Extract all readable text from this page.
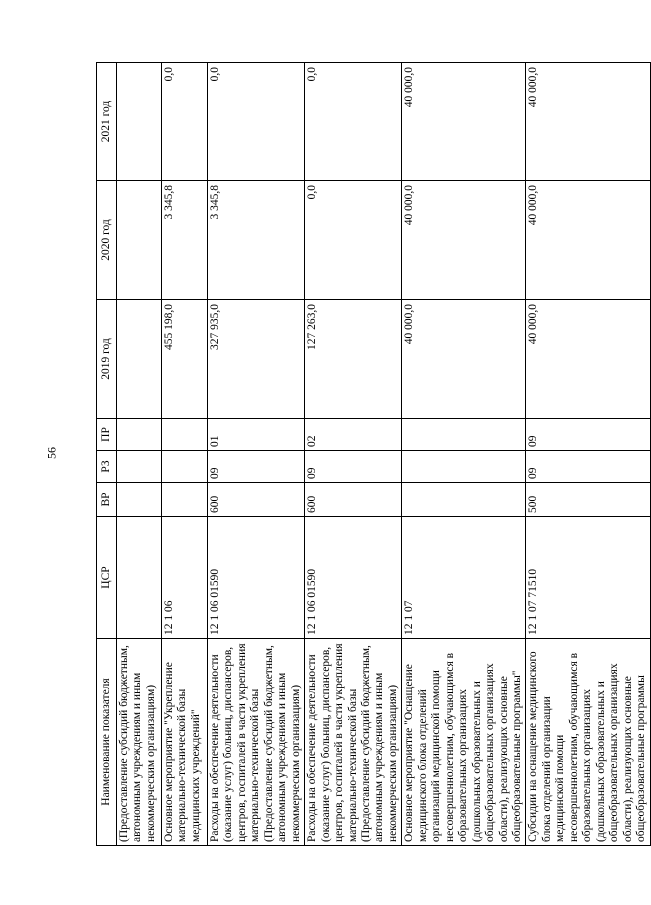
56
Наименование показателя	ЦСР	ВР	РЗ	ПР	2019 год	2020 год	2021 год
(Предоставление субсидий бюджетным, автономным учреждениям и иным некоммерческим организациям)							
Основное мероприятие "Укрепление материально-технической базы медицинских учреждений"	12 1 06				455 198,0	3 345,8	0,0
Расходы на обеспечение деятельности (оказание услуг) больниц, диспансеров, центров, госпиталей в части укрепления материально-технической базы (Предоставление субсидий бюджетным, автономным учреждениям и иным некоммерческим организациям)	12 1 06 01590	600	09	01	327 935,0	3 345,8	0,0
Расходы на обеспечение деятельности (оказание услуг) больниц, диспансеров, центров, госпиталей в части укрепления материально-технической базы (Предоставление субсидий бюджетным, автономным учреждениям и иным некоммерческим организациям)	12 1 06 01590	600	09	02	127 263,0	0,0	0,0
Основное мероприятие "Оснащение медицинского блока отделений организаций медицинской помощи несовершеннолетним, обучающимся в образовательных организациях (дошкольных образовательных и общеобразовательных организациях области), реализующих основные общеобразовательные программы"	12 1 07				40 000,0	40 000,0	40 000,0
Субсидии на оснащение медицинского блока отделений организации медицинской помощи несовершеннолетним, обучающимся в образовательных организациях (дошкольных образовательных и общеобразовательных организациях области), реализующих основные общеобразовательные программы	12 1 07 71510	500	09	09	40 000,0	40 000,0	40 000,0
